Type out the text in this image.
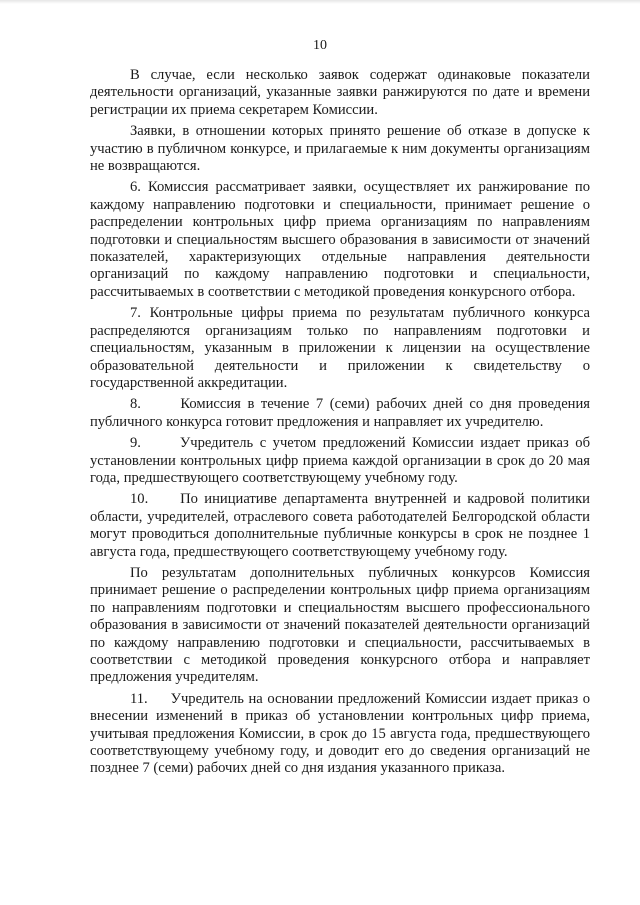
10

В случае, если несколько заявок содержат одинаковые показатели деятельности организаций, указанные заявки ранжируются по дате и времени регистрации их приема секретарем Комиссии.

Заявки, в отношении которых принято решение об отказе в допуске к участию в публичном конкурсе, и прилагаемые к ним документы организациям не возвращаются.

6. Комиссия рассматривает заявки, осуществляет их ранжирование по каждому направлению подготовки и специальности, принимает решение о распределении контрольных цифр приема организациям по направлениям подготовки и специальностям высшего образования в зависимости от значений показателей, характеризующих отдельные направления деятельности организаций по каждому направлению подготовки и специальности, рассчитываемых в соответствии с методикой проведения конкурсного отбора.

7. Контрольные цифры приема по результатам публичного конкурса распределяются организациям только по направлениям подготовки и специальностям, указанным в приложении к лицензии на осуществление образовательной деятельности и приложении к свидетельству о государственной аккредитации.

8.      Комиссия в течение 7 (семи) рабочих дней со дня проведения публичного конкурса готовит предложения и направляет их учредителю.

9.      Учредитель с учетом предложений Комиссии издает приказ об установлении контрольных цифр приема каждой организации в срок до 20 мая года, предшествующего соответствующему учебному году.

10.     По инициативе департамента внутренней и кадровой политики области, учредителей, отраслевого совета работодателей Белгородской области могут проводиться дополнительные публичные конкурсы в срок не позднее 1 августа года, предшествующего соответствующему учебному году.

По результатам дополнительных публичных конкурсов Комиссия принимает решение о распределении контрольных цифр приема организациям по направлениям подготовки и специальностям высшего профессионального образования в зависимости от значений показателей деятельности организаций по каждому направлению подготовки и специальности, рассчитываемых в соответствии с методикой проведения конкурсного отбора и направляет предложения учредителям.

11.     Учредитель на основании предложений Комиссии издает приказ о внесении изменений в приказ об установлении контрольных цифр приема, учитывая предложения Комиссии, в срок до 15 августа года, предшествующего соответствующему учебному году, и доводит его до сведения организаций не позднее 7 (семи) рабочих дней со дня издания указанного приказа.
